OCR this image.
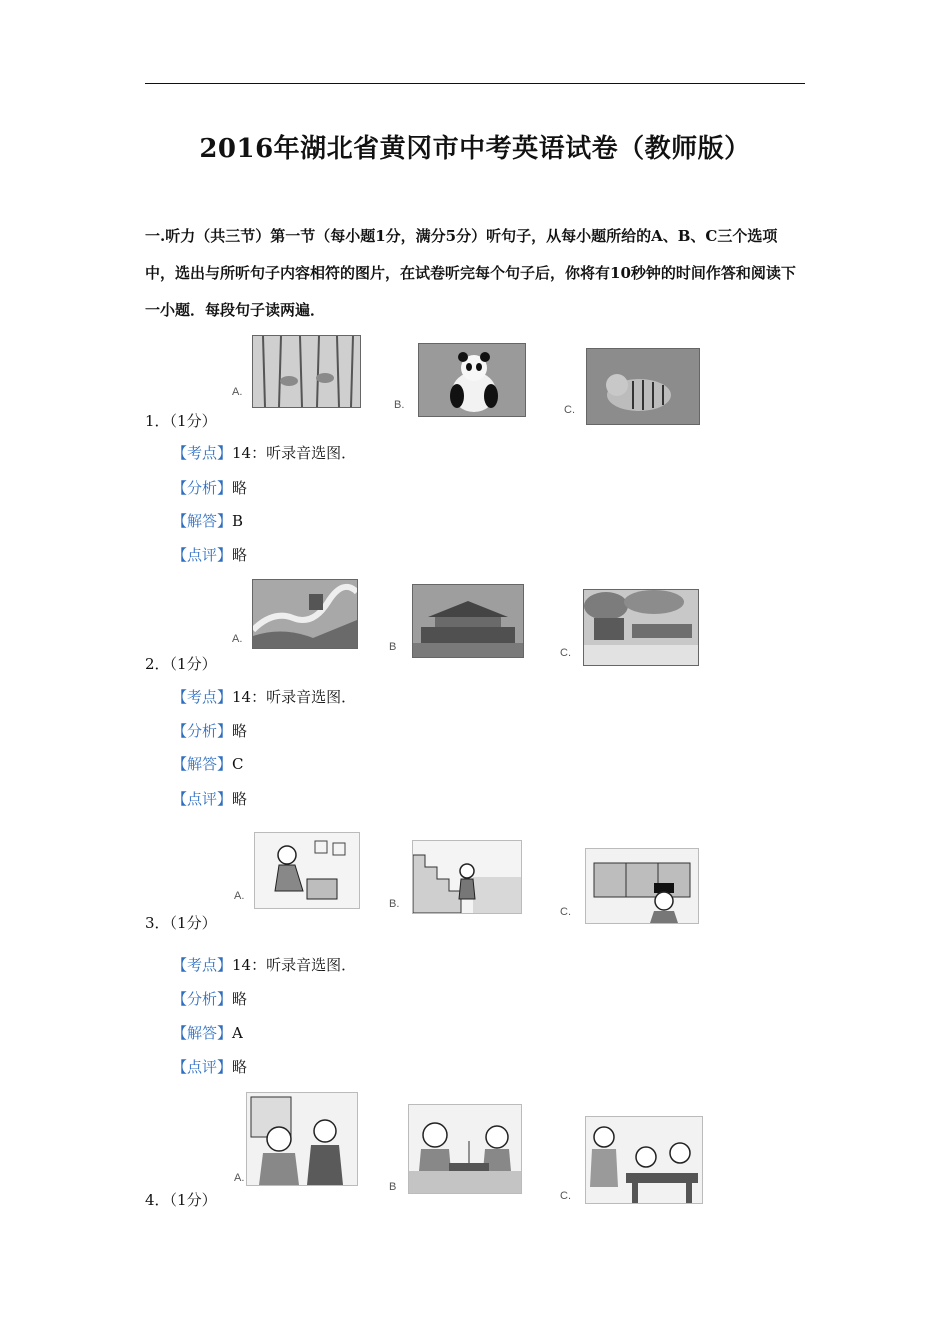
2016年湖北省黄冈市中考英语试卷（教师版）
一.听力（共三节）第一节（每小题1分，满分5分）听句子，从每小题所给的A、B、C三个选项中，选出与所听句子内容相符的图片，在试卷听完每个句子后，你将有10秒钟的时间作答和阅读下一小题．每段句子读两遍．
A.
B.	C.
1．（1分）
【考点】14：听录音选图．
【分析】略
【解答】B
【点评】略
A.
B	C.
2．（1分）
【考点】14：听录音选图．
【分析】略
【解答】C
【点评】略
A.
B.
C.
3．（1分）
【考点】14：听录音选图．
【分析】略
【解答】A
【点评】略
A.
B
C.
4．（1分）
